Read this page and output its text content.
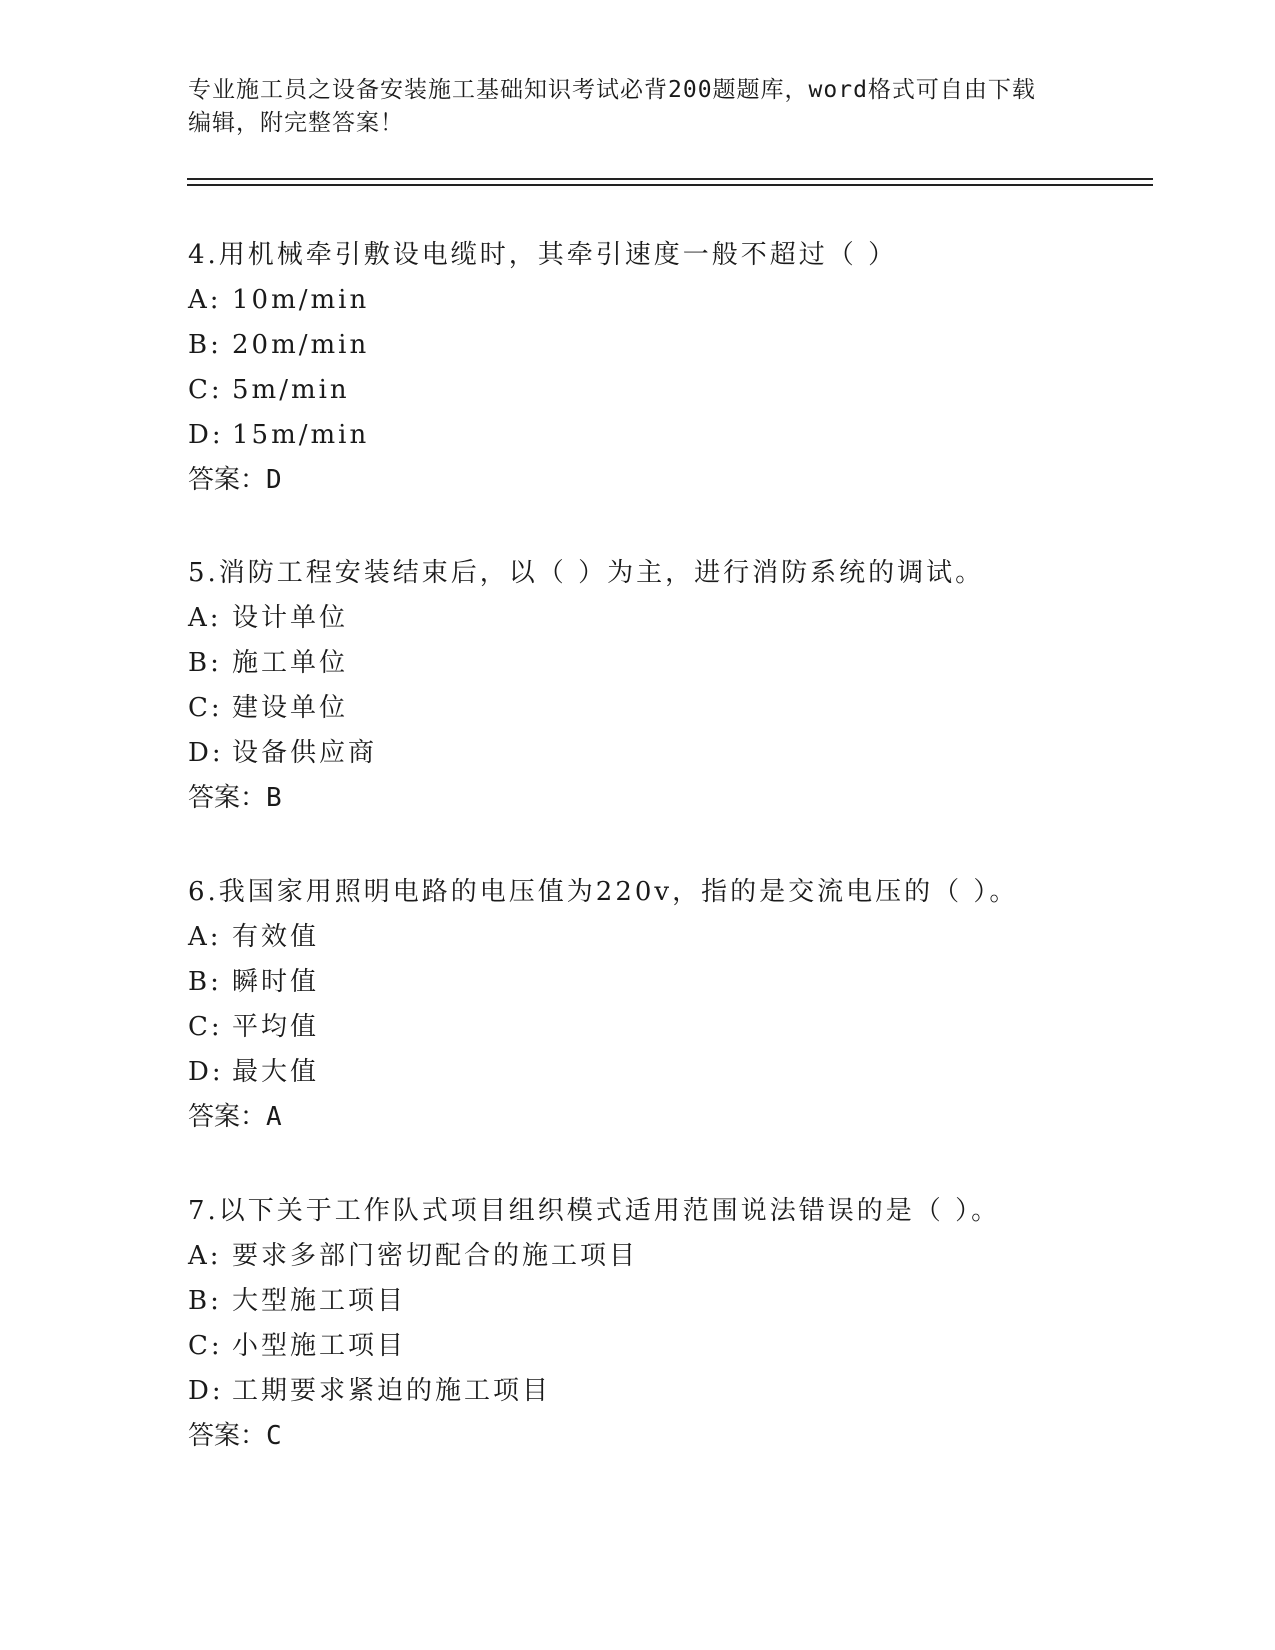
专业施工员之设备安装施工基础知识考试必背200题题库，word格式可自由下载
编辑，附完整答案！
4.用机械牵引敷设电缆时，其牵引速度一般不超过（ ）
A: 10m/min
B: 20m/min
C: 5m/min
D: 15m/min
答案：D
5.消防工程安装结束后，以（ ）为主，进行消防系统的调试。
A: 设计单位
B: 施工单位
C: 建设单位
D: 设备供应商
答案：B
6.我国家用照明电路的电压值为220v，指的是交流电压的（ ）。
A: 有效值
B: 瞬时值
C: 平均值
D: 最大值
答案：A
7.以下关于工作队式项目组织模式适用范围说法错误的是（ ）。
A: 要求多部门密切配合的施工项目
B: 大型施工项目
C: 小型施工项目
D: 工期要求紧迫的施工项目
答案：C
